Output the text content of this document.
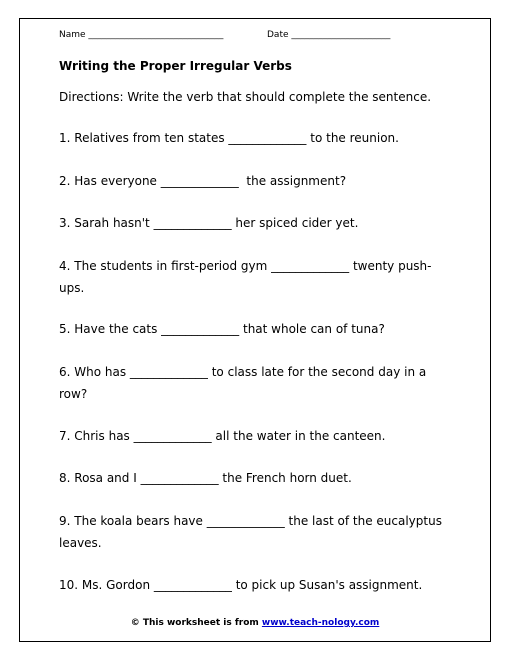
Name ______________________________	Date ______________________
Writing the Proper Irregular Verbs
Directions: Write the verb that should complete the sentence.
1. Relatives from ten states _____________ to the reunion.
2. Has everyone _____________  the assignment?
3. Sarah hasn't _____________ her spiced cider yet.
4. The students in first-period gym _____________ twenty push-ups.
5. Have the cats _____________ that whole can of tuna?
6. Who has _____________ to class late for the second day in a row?
7. Chris has _____________ all the water in the canteen.
8. Rosa and I _____________ the French horn duet.
9. The koala bears have _____________ the last of the eucalyptus leaves.
10. Ms. Gordon _____________ to pick up Susan's assignment.
© This worksheet is from www.teach-nology.com
